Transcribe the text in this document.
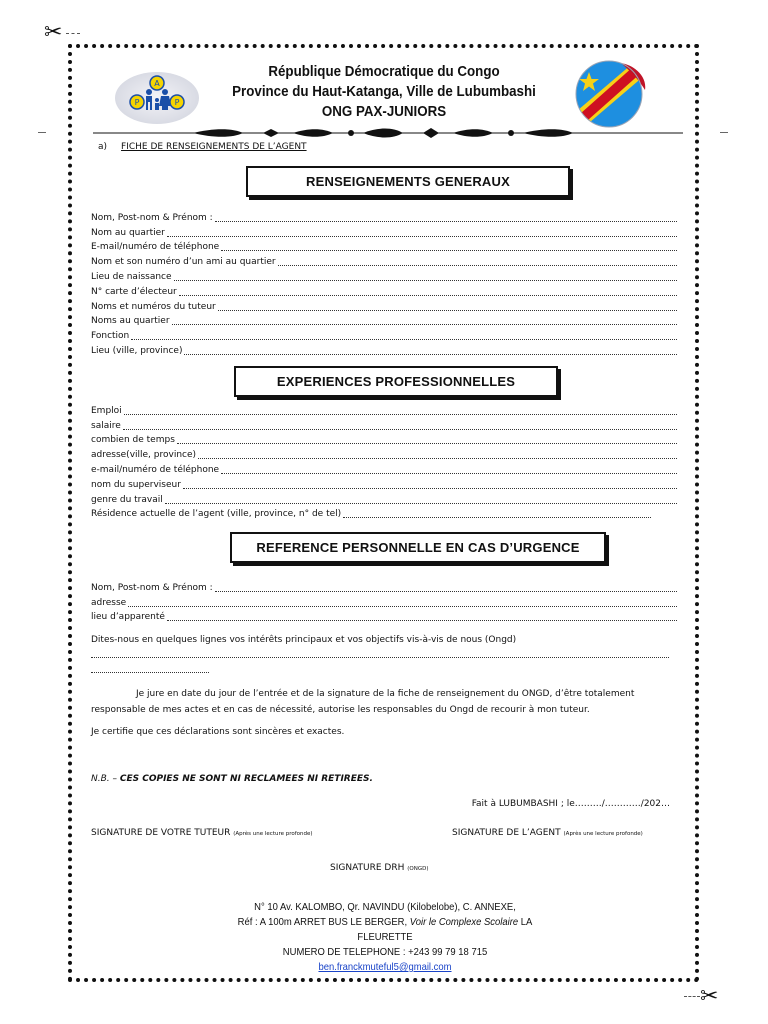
✂
✂
A
P	P
République Démocratique du Congo
Province du Haut-Katanga, Ville de Lubumbashi
ONG PAX-JUNIORS
a) FICHE DE RENSEIGNEMENTS DE L’AGENT
RENSEIGNEMENTS GENERAUX
Nom, Post-nom & Prénom :
Nom au quartier
E-mail/numéro de téléphone
Nom et son numéro d’un ami au quartier
Lieu de naissance
N° carte d’électeur
Noms et numéros du tuteur
Noms au quartier
Fonction
Lieu (ville, province)
EXPERIENCES PROFESSIONNELLES
Emploi
salaire
combien de temps
adresse(ville, province)
e-mail/numéro de téléphone
nom du superviseur
genre du travail
Résidence actuelle de l’agent (ville, province, n° de tel)
REFERENCE PERSONNELLE EN CAS D’URGENCE
Nom, Post-nom & Prénom :
adresse
lieu d’apparenté
Dites-nous en quelques lignes vos intérêts principaux et vos objectifs vis-à-vis de nous (Ongd)
Je jure en date du jour de l’entrée et de la signature de la fiche de renseignement du ONGD, d’être totalement responsable de mes actes et en cas de nécessité, autorise les responsables du Ongd de recourir à mon tuteur.
Je certifie que ces déclarations sont sincères et exactes.
N.B. – CES COPIES NE SONT NI RECLAMEES NI RETIREES.
Fait à LUBUMBASHI ; le………/…………/202…
SIGNATURE DE VOTRE TUTEUR (Après une lecture profonde)	SIGNATURE DE L’AGENT (Après une lecture profonde)
SIGNATURE DRH (ONGD)
N° 10 Av. KALOMBO, Qr. NAVINDU (Kilobelobe), C. ANNEXE,
Réf : A 100m ARRET BUS LE BERGER, Voir le Complexe Scolaire LA FLEURETTE
NUMERO DE TELEPHONE : +243 99 79 18 715
ben.franckmuteful5@gmail.com
